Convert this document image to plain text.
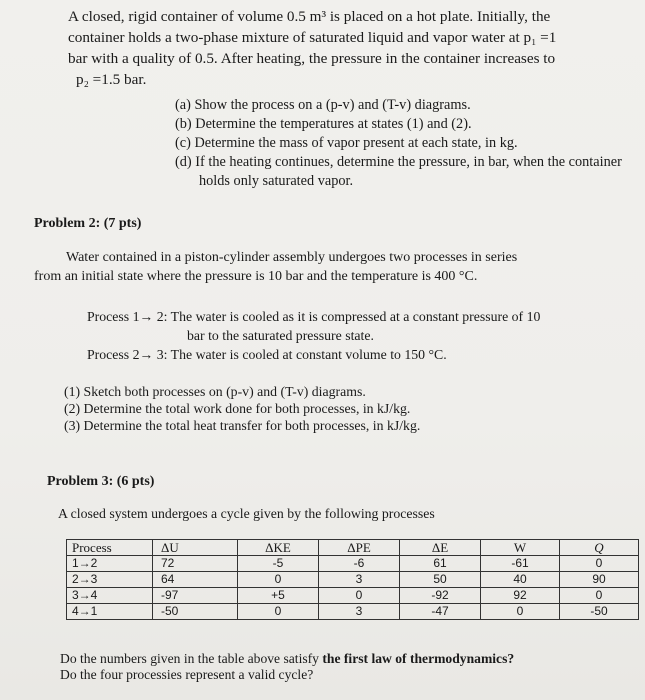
A closed, rigid container of volume 0.5 m³ is placed on a hot plate. Initially, the
container holds a two-phase mixture of saturated liquid and vapor water at p₁ =1
bar with a quality of 0.5. After heating, the pressure in the container increases to
p₂ =1.5 bar.
(a) Show the process on a (p-v) and (T-v) diagrams.
(b) Determine the temperatures at states (1) and (2).
(c) Determine the mass of vapor present at each state, in kg.
(d) If the heating continues, determine the pressure, in bar, when the container holds only saturated vapor.
Problem 2: (7 pts)
Water contained in a piston-cylinder assembly undergoes two processes in series
from an initial state where the pressure is 10 bar and the temperature is 400 °C.
Process 1→ 2: The water is cooled as it is compressed at a constant pressure of 10
bar to the saturated pressure state.
Process 2→ 3: The water is cooled at constant volume to 150 °C.
(1) Sketch both processes on (p-v) and (T-v) diagrams.
(2) Determine the total work done for both processes, in kJ/kg.
(3) Determine the total heat transfer for both processes, in kJ/kg.
Problem 3: (6 pts)
A closed system undergoes a cycle given by the following processes
Process	ΔU	ΔKE	ΔPE	ΔE	W	Q
1→2	72	-5	-6	61	-61	0
2→3	64	0	3	50	40	90
3→4	-97	+5	0	-92	92	0
4→1	-50	0	3	-47	0	-50
Do the numbers given in the table above satisfy the first law of thermodynamics?
Do the four processies represent a valid cycle?
